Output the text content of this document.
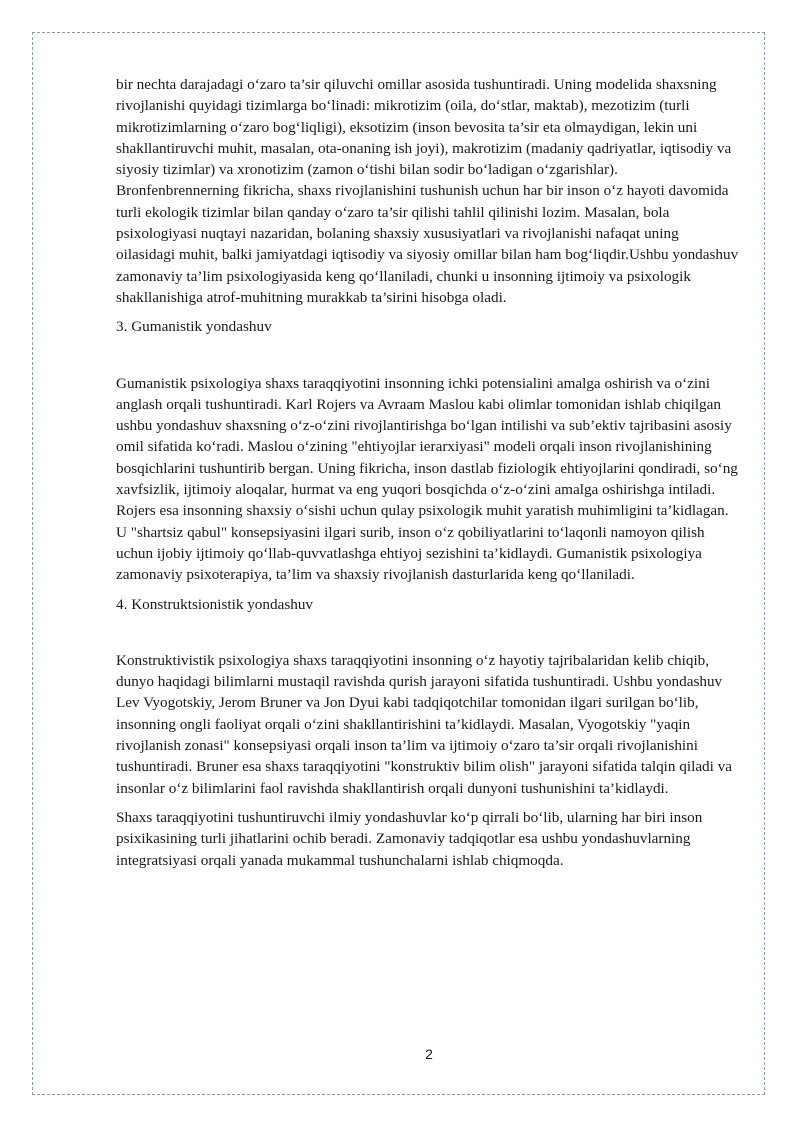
bir nechta darajadagi o‘zaro ta’sir qiluvchi omillar asosida tushuntiradi. Uning modelida shaxsning rivojlanishi quyidagi tizimlarga bo‘linadi: mikrotizim (oila, do‘stlar, maktab), mezotizim (turli mikrotizimlarning o‘zaro bog‘liqligi), eksotizim (inson bevosita ta’sir eta olmaydigan, lekin uni shakllantiruvchi muhit, masalan, ota-onaning ish joyi), makrotizim (madaniy qadriyatlar, iqtisodiy va siyosiy tizimlar) va xronotizim (zamon o‘tishi bilan sodir bo‘ladigan o‘zgarishlar). Bronfenbrennerning fikricha, shaxs rivojlanishini tushunish uchun har bir inson o‘z hayoti davomida turli ekologik tizimlar bilan qanday o‘zaro ta’sir qilishi tahlil qilinishi lozim. Masalan, bola psixologiyasi nuqtayi nazaridan, bolaning shaxsiy xususiyatlari va rivojlanishi nafaqat uning oilasidagi muhit, balki jamiyatdagi iqtisodiy va siyosiy omillar bilan ham bog‘liqdir.Ushbu yondashuv zamonaviy ta’lim psixologiyasida keng qo‘llaniladi, chunki u insonning ijtimoiy va psixologik shakllanishiga atrof-muhitning murakkab ta’sirini hisobga oladi.

3. Gumanistik yondashuv

Gumanistik psixologiya shaxs taraqqiyotini insonning ichki potensialini amalga oshirish va o‘zini anglash orqali tushuntiradi. Karl Rojers va Avraam Maslou kabi olimlar tomonidan ishlab chiqilgan ushbu yondashuv shaxsning o‘z-o‘zini rivojlantirishga bo‘lgan intilishi va sub’ektiv tajribasini asosiy omil sifatida ko‘radi. Maslou o‘zining "ehtiyojlar ierarxiyasi" modeli orqali inson rivojlanishining bosqichlarini tushuntirib bergan. Uning fikricha, inson dastlab fiziologik ehtiyojlarini qondiradi, so‘ng xavfsizlik, ijtimoiy aloqalar, hurmat va eng yuqori bosqichda o‘z-o‘zini amalga oshirishga intiladi. Rojers esa insonning shaxsiy o‘sishi uchun qulay psixologik muhit yaratish muhimligini ta’kidlagan. U "shartsiz qabul" konsepsiyasini ilgari surib, inson o‘z qobiliyatlarini to‘laqonli namoyon qilish uchun ijobiy ijtimoiy qo‘llab-quvvatlashga ehtiyoj sezishini ta’kidlaydi. Gumanistik psixologiya zamonaviy psixoterapiya, ta’lim va shaxsiy rivojlanish dasturlarida keng qo‘llaniladi.

4. Konstruktsionistik yondashuv

Konstruktivistik psixologiya shaxs taraqqiyotini insonning o‘z hayotiy tajribalaridan kelib chiqib, dunyo haqidagi bilimlarni mustaqil ravishda qurish jarayoni sifatida tushuntiradi. Ushbu yondashuv Lev Vyogotskiy, Jerom Bruner va Jon Dyui kabi tadqiqotchilar tomonidan ilgari surilgan bo‘lib, insonning ongli faoliyat orqali o‘zini shakllantirishini ta’kidlaydi. Masalan, Vyogotskiy "yaqin rivojlanish zonasi" konsepsiyasi orqali inson ta’lim va ijtimoiy o‘zaro ta’sir orqali rivojlanishini tushuntiradi. Bruner esa shaxs taraqqiyotini "konstruktiv bilim olish" jarayoni sifatida talqin qiladi va insonlar o‘z bilimlarini faol ravishda shakllantirish orqali dunyoni tushunishini ta’kidlaydi.

Shaxs taraqqiyotini tushuntiruvchi ilmiy yondashuvlar ko‘p qirrali bo‘lib, ularning har biri inson psixikasining turli jihatlarini ochib beradi. Zamonaviy tadqiqotlar esa ushbu yondashuvlarning integratsiyasi orqali yanada mukammal tushunchalarni ishlab chiqmoqda.

2
